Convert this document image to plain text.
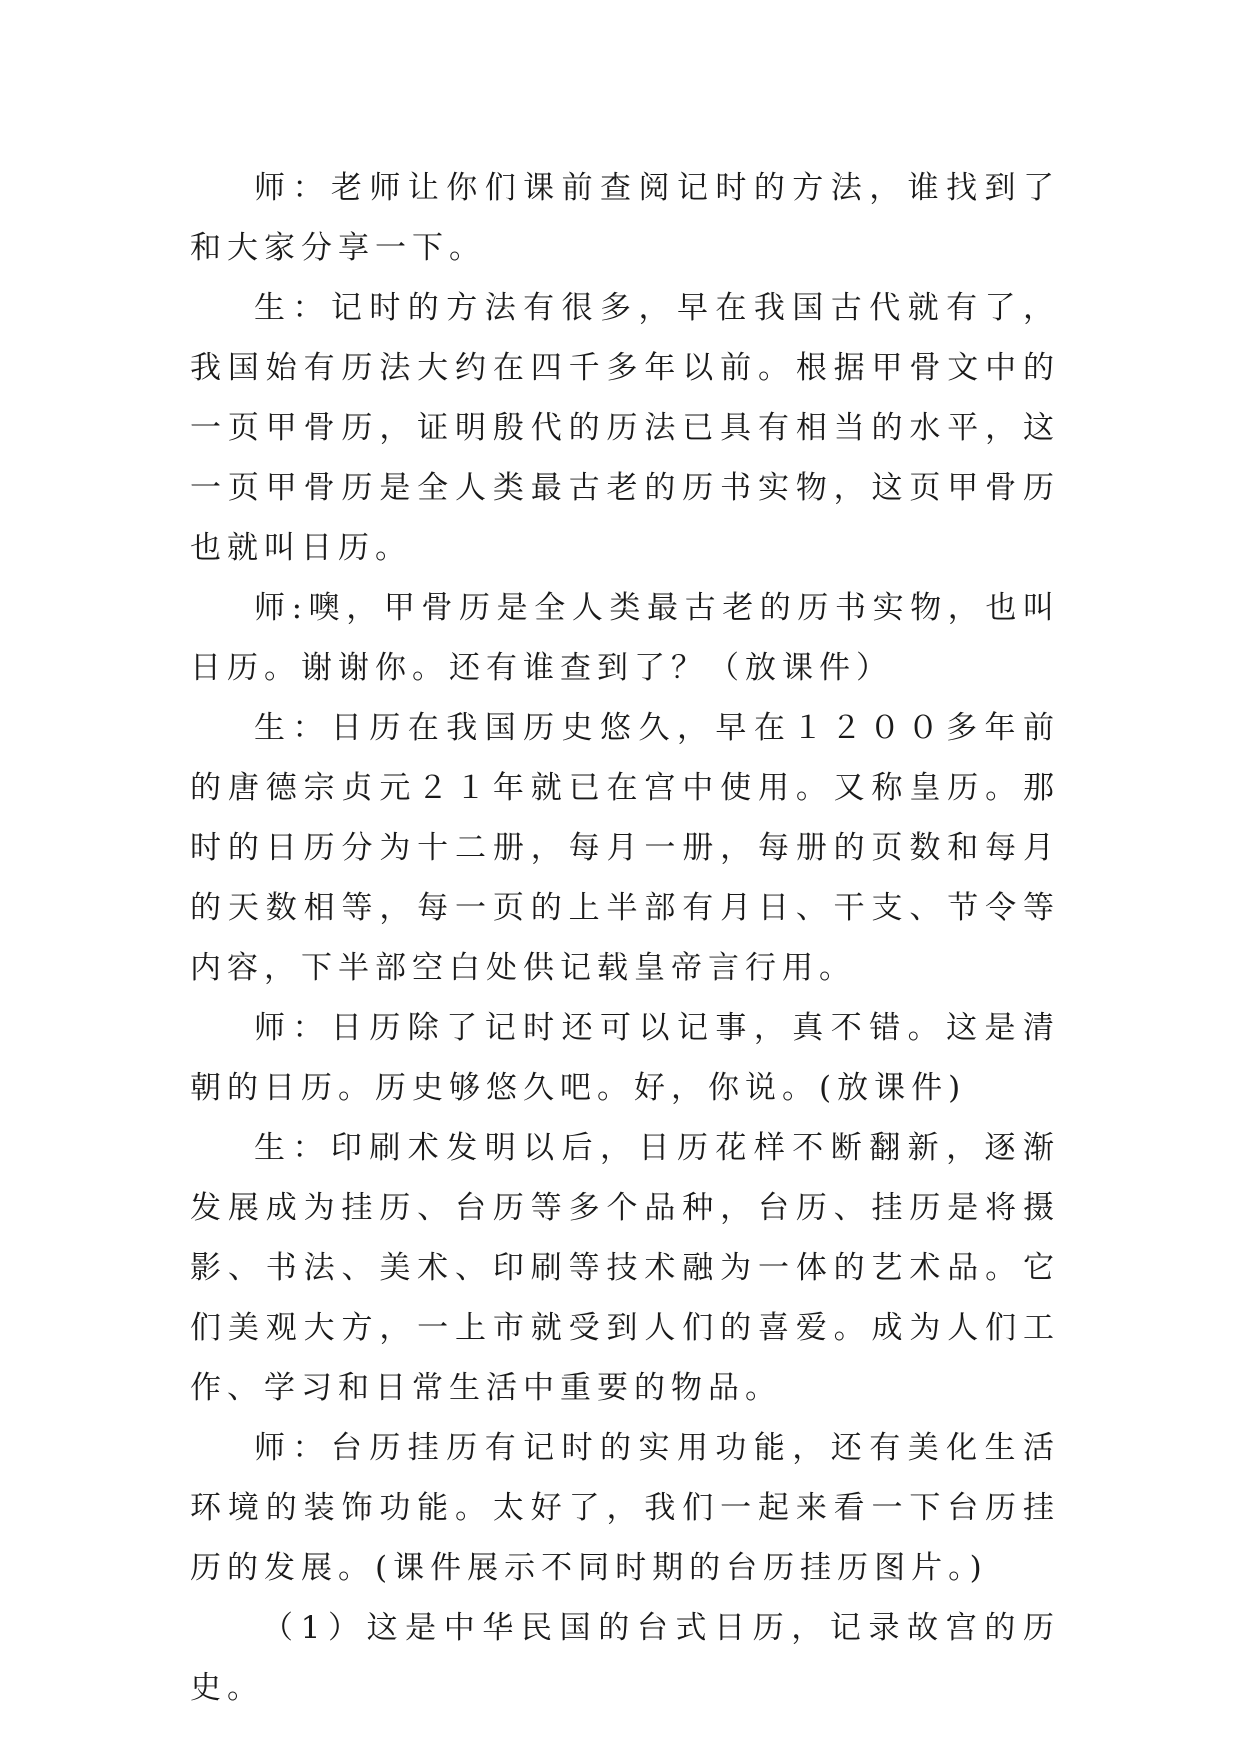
师：老师让你们课前查阅记时的方法，谁找到了和大家分享一下。

生：记时的方法有很多，早在我国古代就有了，我国始有历法大约在四千多年以前。根据甲骨文中的一页甲骨历，证明殷代的历法已具有相当的水平，这一页甲骨历是全人类最古老的历书实物，这页甲骨历也就叫日历。

师:噢，甲骨历是全人类最古老的历书实物，也叫日历。谢谢你。还有谁查到了？（放课件）

生：日历在我国历史悠久，早在１２００多年前的唐德宗贞元２１年就已在宫中使用。又称皇历。那时的日历分为十二册，每月一册，每册的页数和每月的天数相等，每一页的上半部有月日、干支、节令等内容，下半部空白处供记载皇帝言行用。

师：日历除了记时还可以记事，真不错。这是清朝的日历。历史够悠久吧。好，你说。(放课件)

生：印刷术发明以后，日历花样不断翻新，逐渐发展成为挂历、台历等多个品种，台历、挂历是将摄影、书法、美术、印刷等技术融为一体的艺术品。它们美观大方，一上市就受到人们的喜爱。成为人们工作、学习和日常生活中重要的物品。

师：台历挂历有记时的实用功能，还有美化生活环境的装饰功能。太好了，我们一起来看一下台历挂历的发展。(课件展示不同时期的台历挂历图片。)

（1）这是中华民国的台式日历，记录故宫的历史。
